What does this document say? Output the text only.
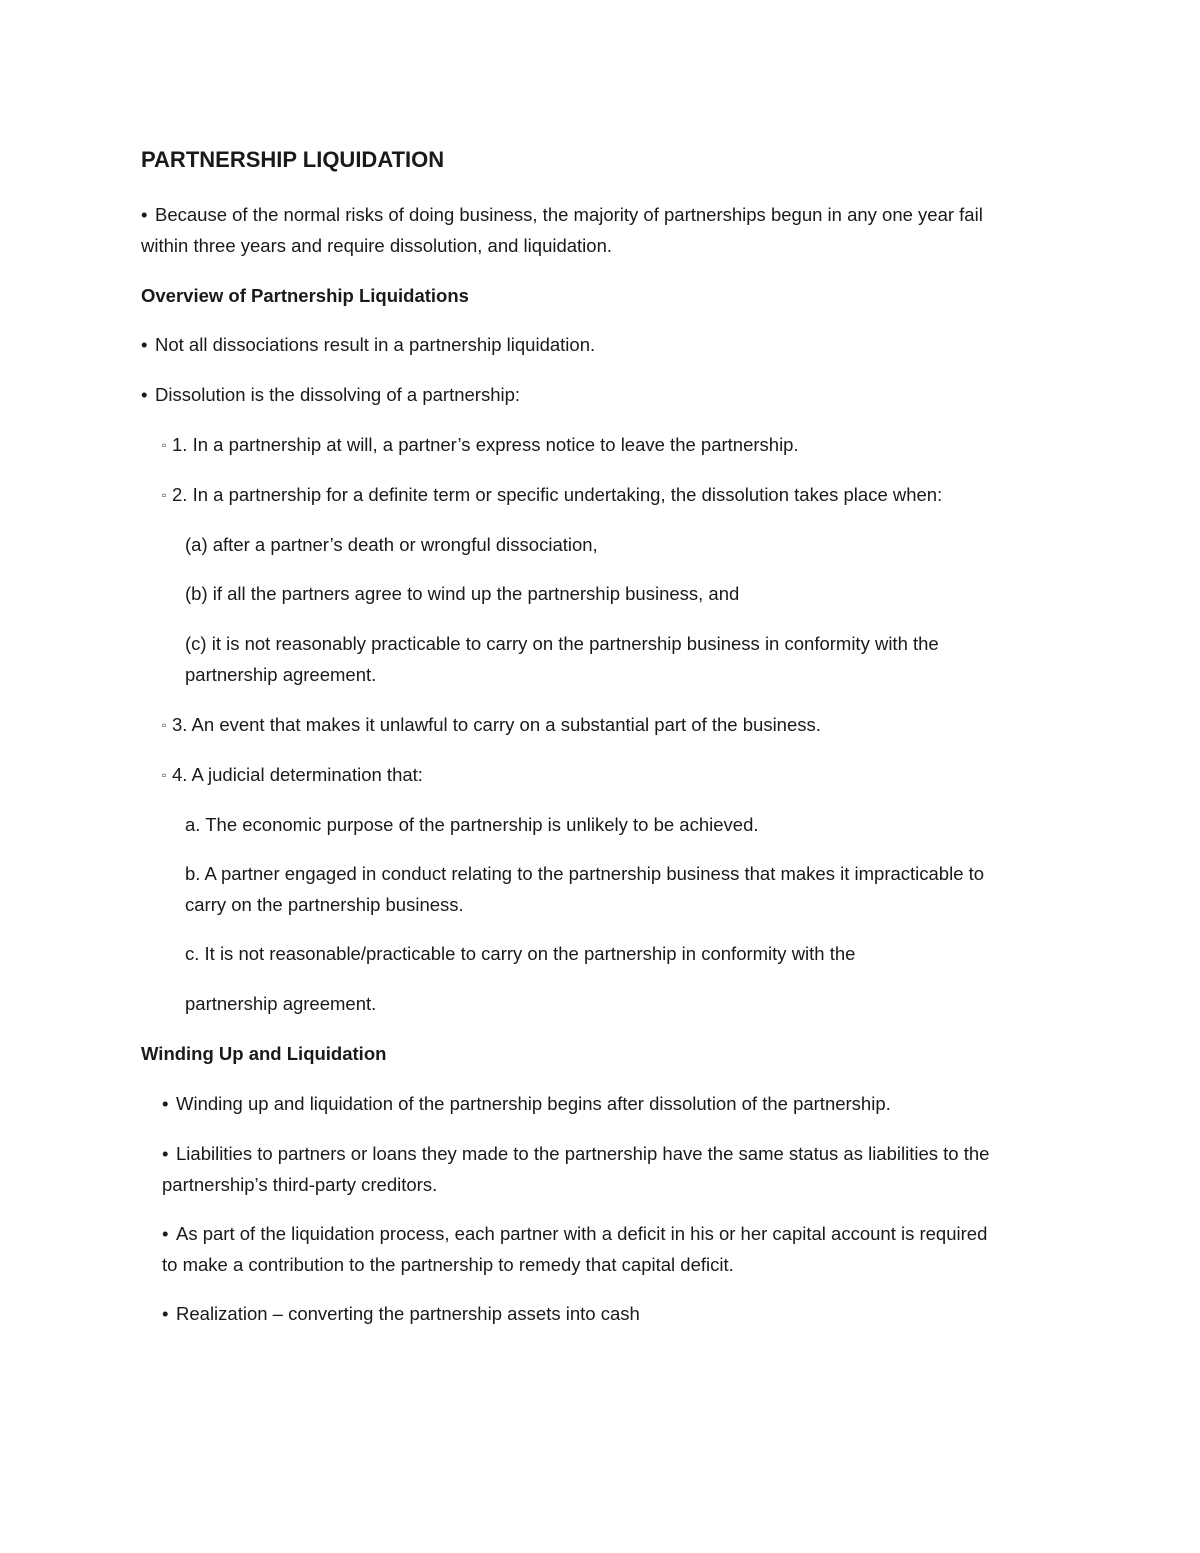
PARTNERSHIP LIQUIDATION

• Because of the normal risks of doing business, the majority of partnerships begun in any one year fail

within three years and require dissolution, and liquidation.

Overview of Partnership Liquidations

• Not all dissociations result in a partnership liquidation.

• Dissolution is the dissolving of a partnership:

▫ 1. In a partnership at will, a partner’s express notice to leave the partnership.

▫ 2. In a partnership for a definite term or specific undertaking, the dissolution takes place when:

(a) after a partner’s death or wrongful dissociation,

(b) if all the partners agree to wind up the partnership business, and

(c) it is not reasonably practicable to carry on the partnership business in conformity with the

partnership agreement.

▫ 3. An event that makes it unlawful to carry on a substantial part of the business.

▫ 4. A judicial determination that:

a. The economic purpose of the partnership is unlikely to be achieved.

b. A partner engaged in conduct relating to the partnership business that makes it impracticable to

carry on the partnership business.

c. It is not reasonable/practicable to carry on the partnership in conformity with the

partnership agreement.

Winding Up and Liquidation

• Winding up and liquidation of the partnership begins after dissolution of the partnership.

• Liabilities to partners or loans they made to the partnership have the same status as liabilities to the

partnership’s third-party creditors.

• As part of the liquidation process, each partner with a deficit in his or her capital account is required

to make a contribution to the partnership to remedy that capital deficit.

• Realization – converting the partnership assets into cash
